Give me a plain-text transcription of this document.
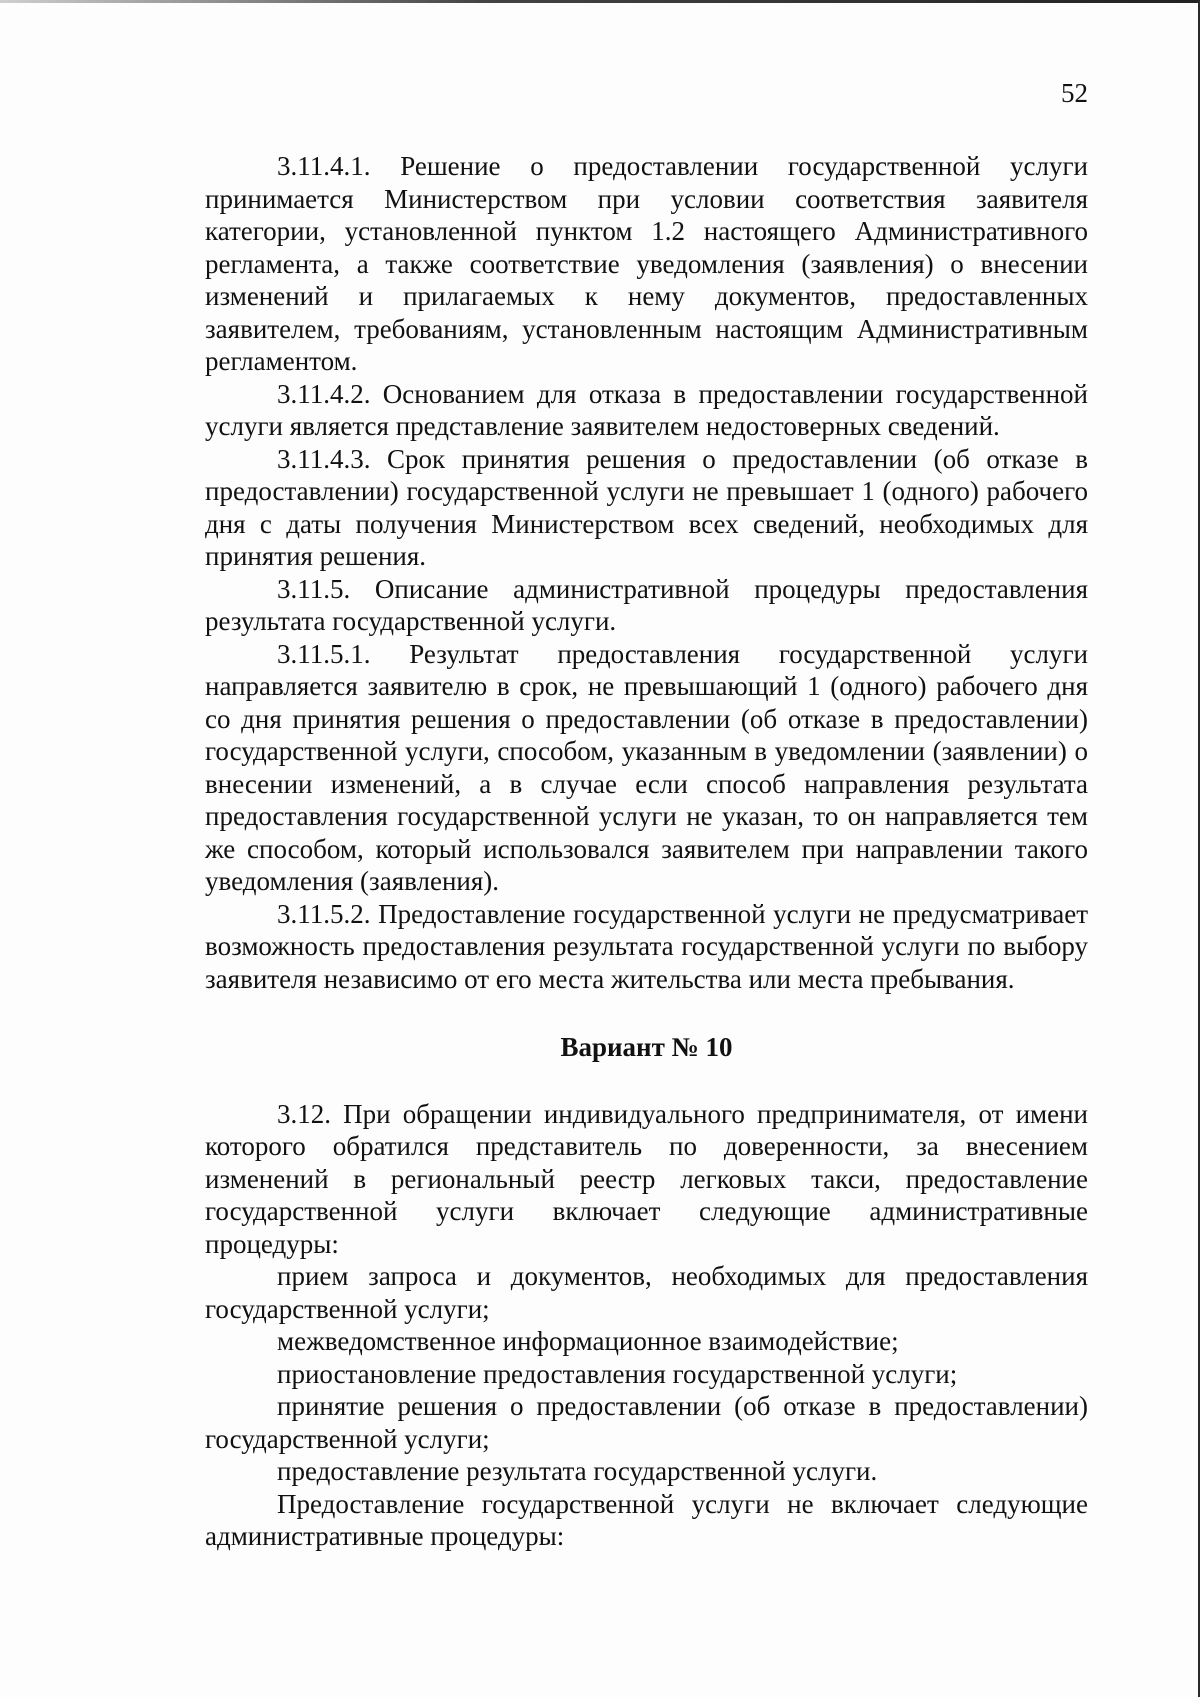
52

3.11.4.1. Решение о предоставлении государственной услуги принимается Министерством при условии соответствия заявителя категории, установленной пунктом 1.2 настоящего Административного регламента, а также соответствие уведомления (заявления) о внесении изменений и прилагаемых к нему документов, предоставленных заявителем, требованиям, установленным настоящим Административным регламентом.

3.11.4.2. Основанием для отказа в предоставлении государственной услуги является представление заявителем недостоверных сведений.

3.11.4.3. Срок принятия решения о предоставлении (об отказе в предоставлении) государственной услуги не превышает 1 (одного) рабочего дня с даты получения Министерством всех сведений, необходимых для принятия решения.

3.11.5. Описание административной процедуры предоставления результата государственной услуги.

3.11.5.1. Результат предоставления государственной услуги направляется заявителю в срок, не превышающий 1 (одного) рабочего дня со дня принятия решения о предоставлении (об отказе в предоставлении) государственной услуги, способом, указанным в уведомлении (заявлении) о внесении изменений, а в случае если способ направления результата предоставления государственной услуги не указан, то он направляется тем же способом, который использовался заявителем при направлении такого уведомления (заявления).

3.11.5.2. Предоставление государственной услуги не предусматривает возможность предоставления результата государственной услуги по выбору заявителя независимо от его места жительства или места пребывания.

Вариант № 10

3.12. При обращении индивидуального предпринимателя, от имени которого обратился представитель по доверенности, за внесением изменений в региональный реестр легковых такси, предоставление государственной услуги включает следующие административные процедуры:

прием запроса и документов, необходимых для предоставления государственной услуги;

межведомственное информационное взаимодействие;

приостановление предоставления государственной услуги;

принятие решения о предоставлении (об отказе в предоставлении) государственной услуги;

предоставление результата государственной услуги.

Предоставление государственной услуги не включает следующие административные процедуры:
